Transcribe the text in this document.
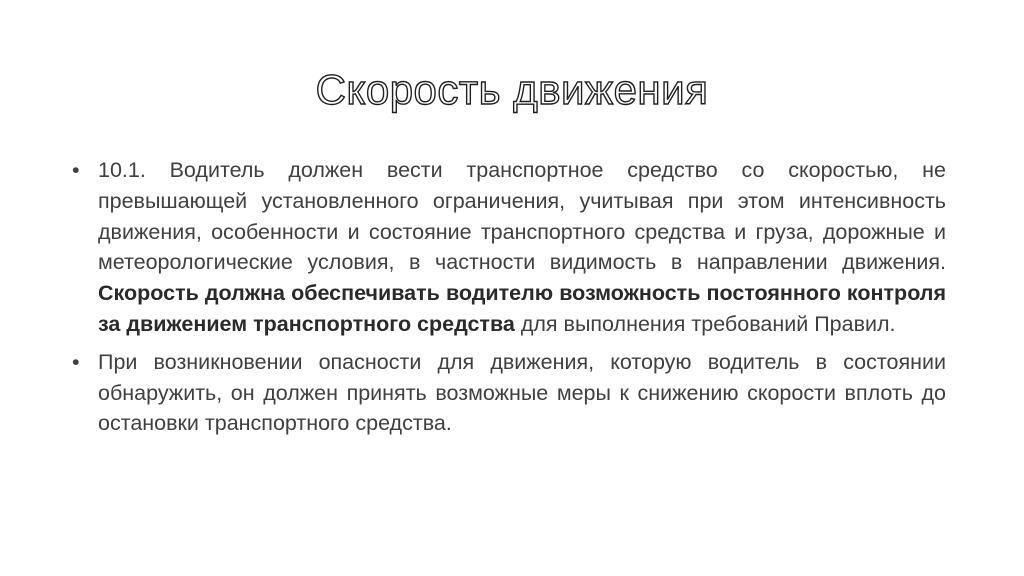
Скорость движения
• 10.1. Водитель должен вести транспортное средство со скоростью, не превышающей установленного ограничения, учитывая при этом интенсивность движения, особенности и состояние транспортного средства и груза, дорожные и метеорологические условия, в частности видимость в направлении движения. Скорость должна обеспечивать водителю возможность постоянного контроля за движением транспортного средства для выполнения требований Правил.
• При возникновении опасности для движения, которую водитель в состоянии обнаружить, он должен принять возможные меры к снижению скорости вплоть до остановки транспортного средства.
